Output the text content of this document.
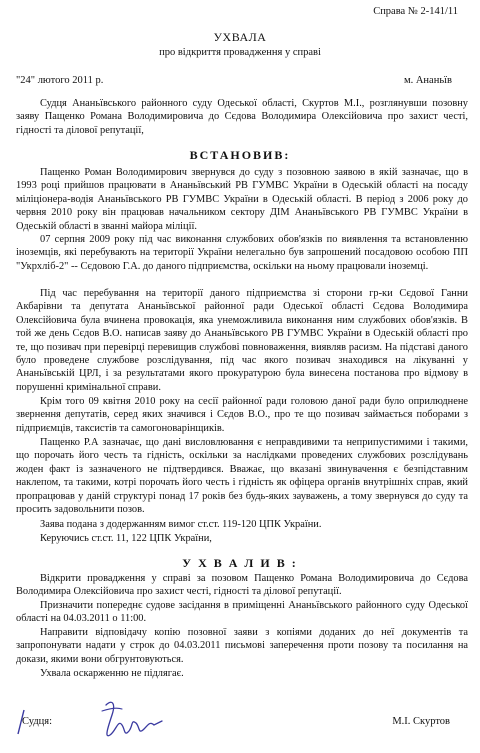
Справа № 2-141/11
УХВАЛА
про відкриття провадження у справі
"24" лютого 2011 р.	м. Ананьїв

Судця Ананьївського районного суду Одеської області, Скуртов М.І., розглянувши позовну заяву Пащенко Романа Володимировича до Сєдова Володимира Олексійовича про захист честі, гідності та ділової репутації,

ВСТАНОВИВ:

Пащенко Роман Володимирович звернувся до суду з позовною заявою в якій зазначає, що в 1993 році прийшов працювати в Ананьївський РВ ГУМВС України в Одеській області на посаду міліціонера-водія Ананьївського РВ ГУМВС України в Одеській області. В період з 2006 року до червня 2010 року він працював начальником сектору ДІМ Ананьївського РВ ГУМВС України в Одеській області в званні майора міліції.

07 серпня 2009 року під час виконання службових обов'язків по виявлення та встановленню іноземців, які перебувають на території України нелегально був запрошений посадовою особою ПП "Укрхліб-2" -- Сєдовою Г.А. до даного підприємства, оскільки на ньому працювали іноземці.

Під час перебування на території даного підприємства зі сторони гр-ки Сєдової Ганни Акбарівни та депутата Ананьївської районної ради Одеської області Сєдова Володимира Олексійовича була вчинена провокація, яка унеможливила виконання ним службових обов'язків. В той же день Сєдов В.О. написав заяву до Ананьївського РВ ГУМВС України в Одеській області про те, що позивач при перевірці перевищив службові повноваження, виявляв расизм. На підставі даного було проведене службове розслідування, під час якого позивач знаходився на лікуванні у Ананьївській ЦРЛ, і за результатами якого прокуратурою була винесена постанова про відмову в порушенні кримінальної справи.

Крім того 09 квітня 2010 року на сесії районної ради головою даної ради було оприлюднене звернення депутатів, серед яких значився і Сєдов В.О., про те що позивач займається поборами з підприємців, таксистів та самогоноварінщиків.

Пащенко Р.А зазначає, що дані висловлювання є неправдивими та неприпустимими і такими, що порочать його честь та гідність, оскільки за наслідками проведених службових розслідувань жоден факт із зазначеного не підтвердився. Вважає, що вказані звинувачення є безпідставним наклепом, та такими, котрі порочать його честь і гідність як офіцера органів внутрішніх справ, який пропрацював у даній структурі понад 17 років без будь-яких зауважень, а тому звернувся до суду та просить задовольнити позов.

Заява подана з додержанням вимог ст.ст. 119-120 ЦПК України.

Керуючись ст.ст. 11, 122 ЦПК України,

У Х В А Л И В :

Відкрити провадження у справі за позовом Пащенко Романа Володимировича до Сєдова Володимира Олексійовича про захист честі, гідності та ділової репутації.

Призначити попереднє судове засідання в приміщенні Ананьївського районного суду Одеської області на 04.03.2011 о 11:00.

Направити відповідачу копію позовної заяви з копіями доданих до неї документів та запропонувати надати у строк до 04.03.2011 письмові заперечення проти позову та посилання на докази, якими вони обгрунтовуються.

Ухвала оскарженню не підлягає.

Судця:	М.І. Скуртов
